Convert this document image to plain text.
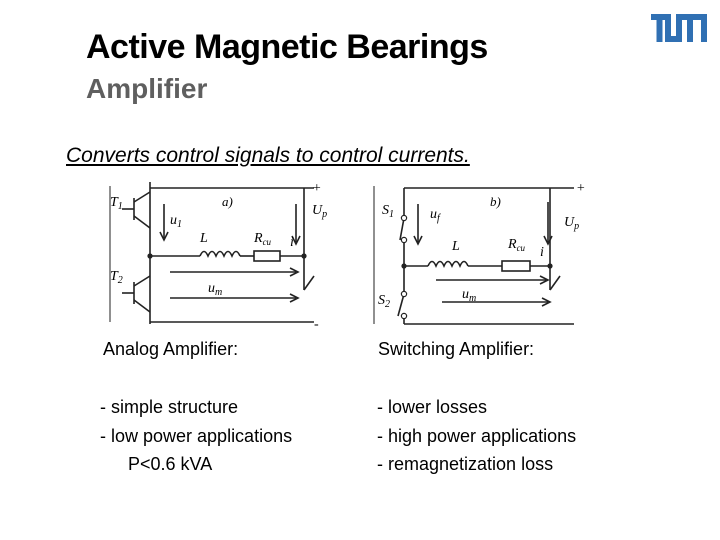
Active Magnetic Bearings
Amplifier
Converts control signals to control currents.
$T_1$
$T_2$
$u_1$
a)
L	$R_{cu}$ i
$U_p$
$u_m$
+
-
$S_1$
$S_2$
$u_f$
b)
L	$R_{cu}$ i
$U_p$
$u_m$
+
Analog Amplifier:	Switching Amplifier:
- simple structure
- low power applications
P<0.6 kVA
- lower losses
- high power applications
- remagnetization loss
